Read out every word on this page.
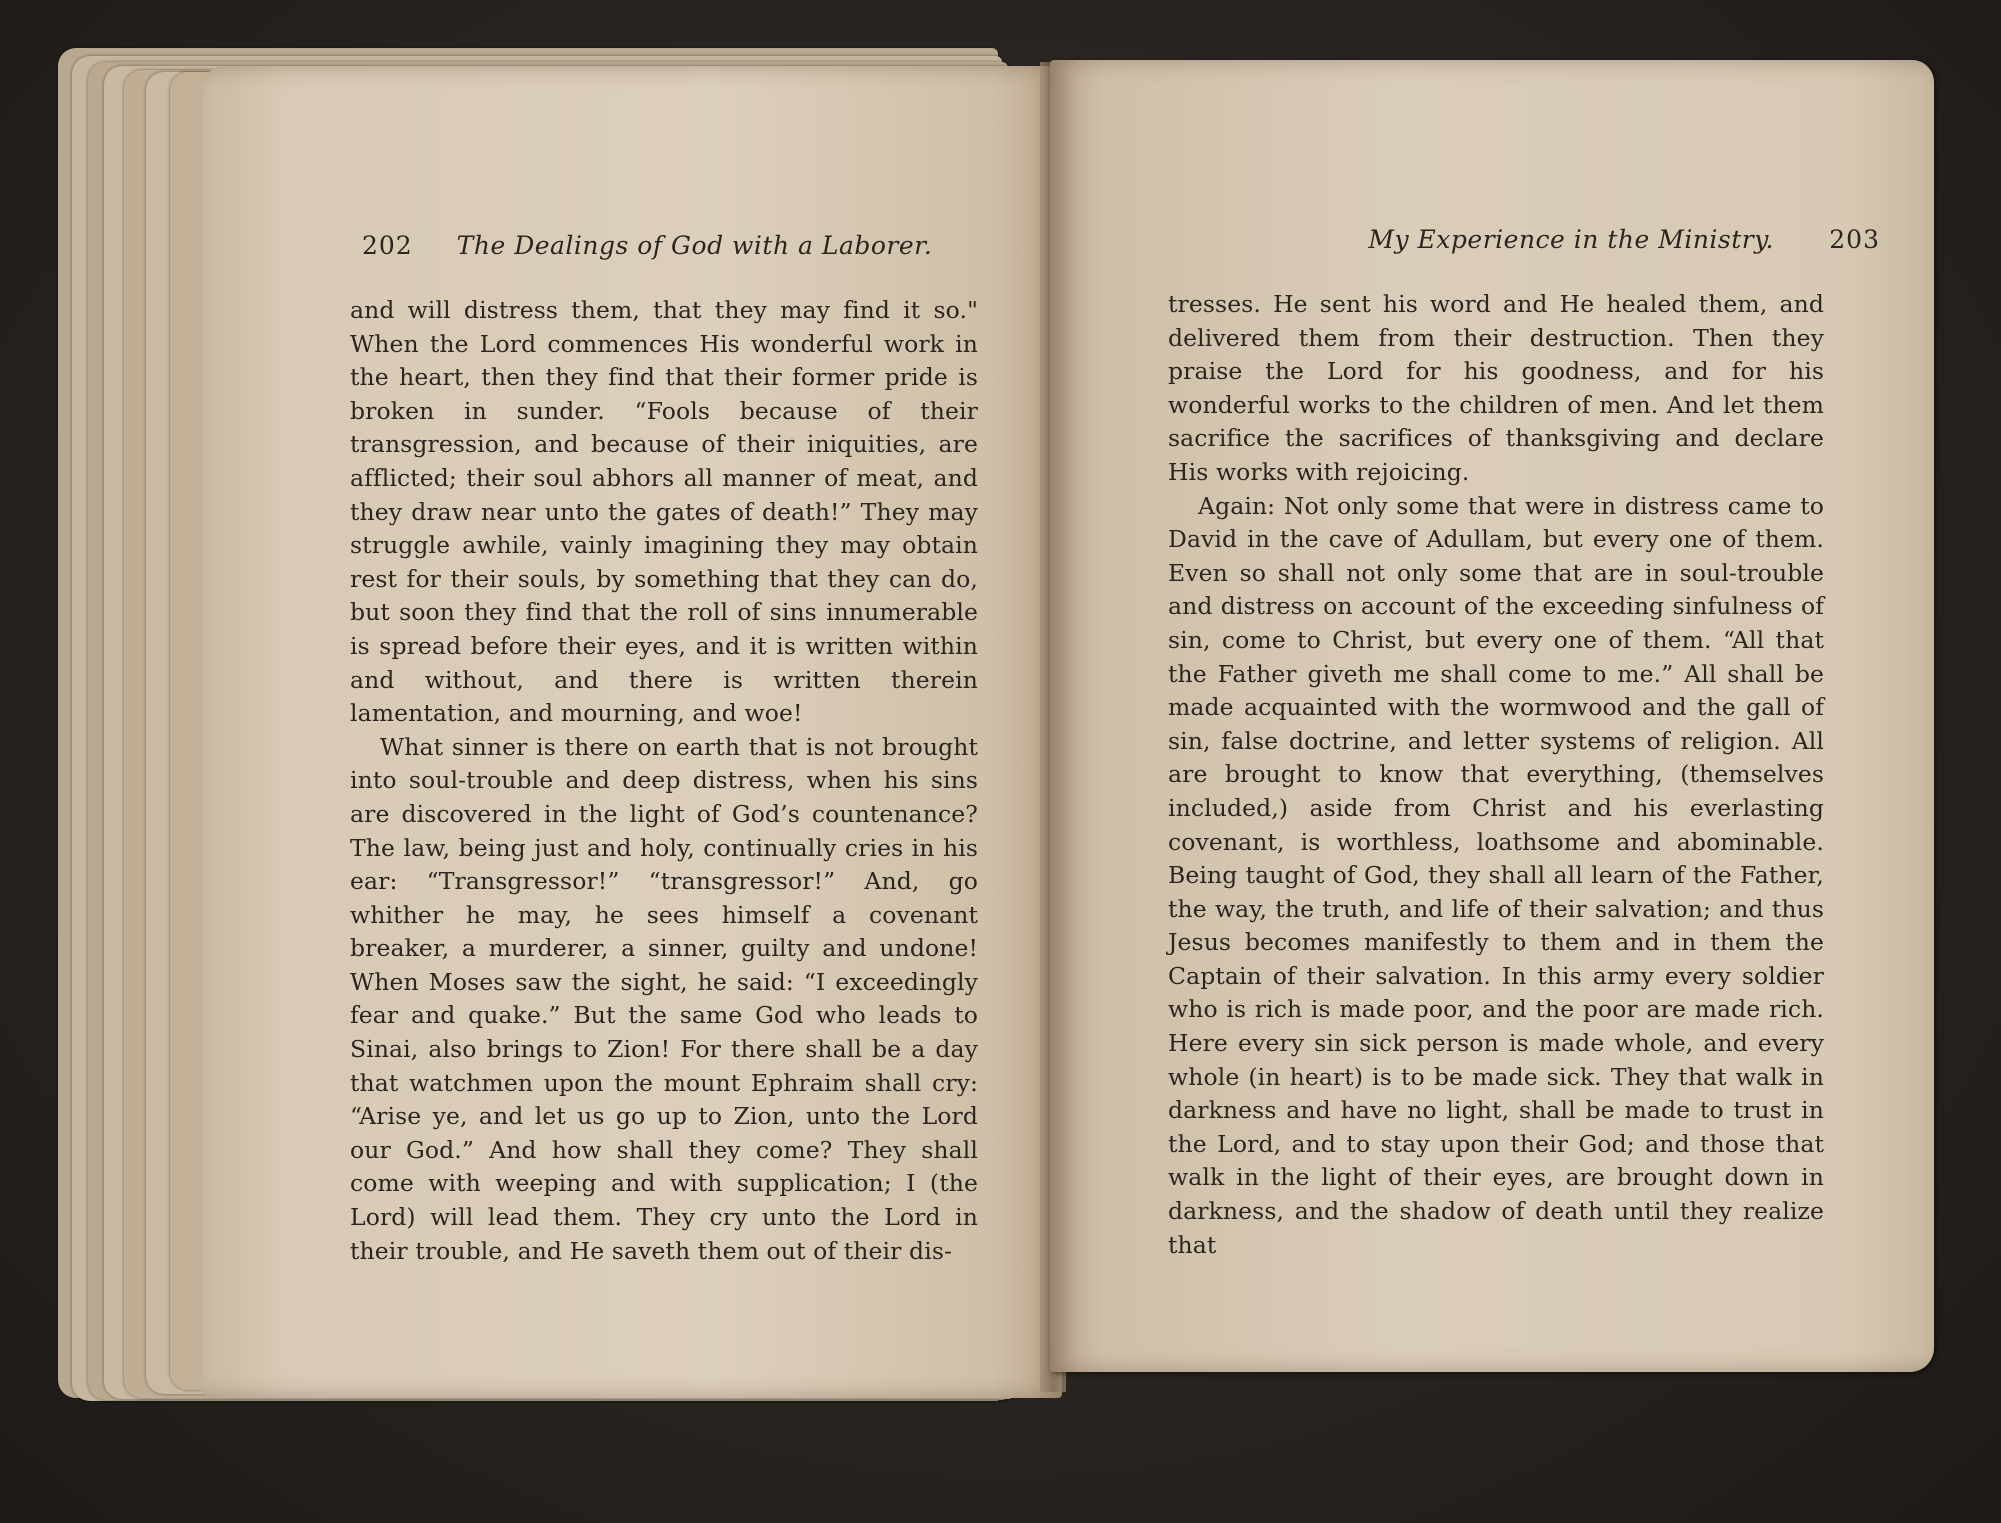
202 The Dealings of God with a Laborer.

and will distress them, that they may find it so." When the Lord commences His wonderful work in the heart, then they find that their former pride is broken in sunder. “Fools because of their transgression, and because of their iniquities, are afflicted; their soul abhors all manner of meat, and they draw near unto the gates of death!” They may struggle awhile, vainly imagining they may obtain rest for their souls, by something that they can do, but soon they find that the roll of sins innumerable is spread before their eyes, and it is written within and without, and there is written therein lamentation, and mourning, and woe!

What sinner is there on earth that is not brought into soul-trouble and deep distress, when his sins are discovered in the light of God’s countenance? The law, being just and holy, continually cries in his ear: “Transgressor!” “transgressor!” And, go whither he may, he sees himself a covenant breaker, a murderer, a sinner, guilty and undone! When Moses saw the sight, he said: “I exceedingly fear and quake.” But the same God who leads to Sinai, also brings to Zion! For there shall be a day that watchmen upon the mount Ephraim shall cry: “Arise ye, and let us go up to Zion, unto the Lord our God.” And how shall they come? They shall come with weeping and with supplication; I (the Lord) will lead them. They cry unto the Lord in their trouble, and He saveth them out of their dis-

My Experience in the Ministry. 203

tresses. He sent his word and He healed them, and delivered them from their destruction. Then they praise the Lord for his goodness, and for his wonderful works to the children of men. And let them sacrifice the sacrifices of thanksgiving and declare His works with rejoicing.

Again: Not only some that were in distress came to David in the cave of Adullam, but every one of them. Even so shall not only some that are in soul-trouble and distress on account of the exceeding sinfulness of sin, come to Christ, but every one of them. “All that the Father giveth me shall come to me.” All shall be made acquainted with the wormwood and the gall of sin, false doctrine, and letter systems of religion. All are brought to know that everything, (themselves included,) aside from Christ and his everlasting covenant, is worthless, loathsome and abominable. Being taught of God, they shall all learn of the Father, the way, the truth, and life of their salvation; and thus Jesus becomes manifestly to them and in them the Captain of their salvation. In this army every soldier who is rich is made poor, and the poor are made rich. Here every sin sick person is made whole, and every whole (in heart) is to be made sick. They that walk in darkness and have no light, shall be made to trust in the Lord, and to stay upon their God; and those that walk in the light of their eyes, are brought down in darkness, and the shadow of death until they realize that
